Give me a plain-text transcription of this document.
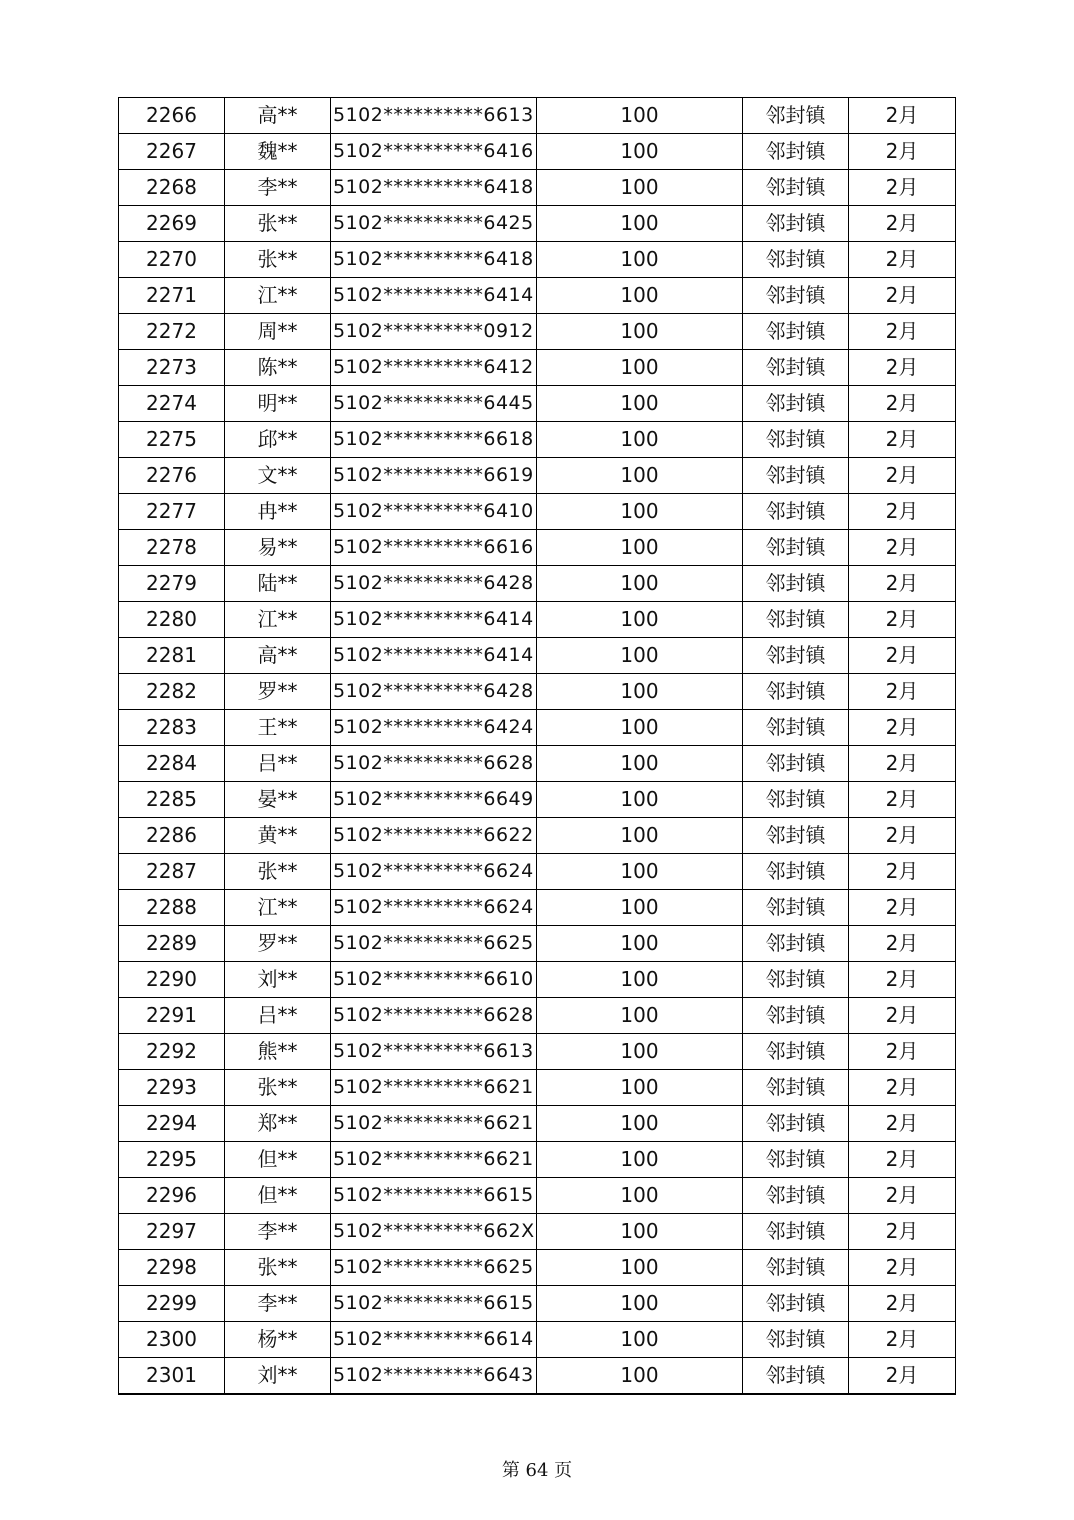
2266	高**	5102**********6613	100	邻封镇	2月
2267	魏**	5102**********6416	100	邻封镇	2月
2268	李**	5102**********6418	100	邻封镇	2月
2269	张**	5102**********6425	100	邻封镇	2月
2270	张**	5102**********6418	100	邻封镇	2月
2271	江**	5102**********6414	100	邻封镇	2月
2272	周**	5102**********0912	100	邻封镇	2月
2273	陈**	5102**********6412	100	邻封镇	2月
2274	明**	5102**********6445	100	邻封镇	2月
2275	邱**	5102**********6618	100	邻封镇	2月
2276	文**	5102**********6619	100	邻封镇	2月
2277	冉**	5102**********6410	100	邻封镇	2月
2278	易**	5102**********6616	100	邻封镇	2月
2279	陆**	5102**********6428	100	邻封镇	2月
2280	江**	5102**********6414	100	邻封镇	2月
2281	高**	5102**********6414	100	邻封镇	2月
2282	罗**	5102**********6428	100	邻封镇	2月
2283	王**	5102**********6424	100	邻封镇	2月
2284	吕**	5102**********6628	100	邻封镇	2月
2285	晏**	5102**********6649	100	邻封镇	2月
2286	黄**	5102**********6622	100	邻封镇	2月
2287	张**	5102**********6624	100	邻封镇	2月
2288	江**	5102**********6624	100	邻封镇	2月
2289	罗**	5102**********6625	100	邻封镇	2月
2290	刘**	5102**********6610	100	邻封镇	2月
2291	吕**	5102**********6628	100	邻封镇	2月
2292	熊**	5102**********6613	100	邻封镇	2月
2293	张**	5102**********6621	100	邻封镇	2月
2294	郑**	5102**********6621	100	邻封镇	2月
2295	但**	5102**********6621	100	邻封镇	2月
2296	但**	5102**********6615	100	邻封镇	2月
2297	李**	5102**********662X	100	邻封镇	2月
2298	张**	5102**********6625	100	邻封镇	2月
2299	李**	5102**********6615	100	邻封镇	2月
2300	杨**	5102**********6614	100	邻封镇	2月
2301	刘**	5102**********6643	100	邻封镇	2月
第 64 页
